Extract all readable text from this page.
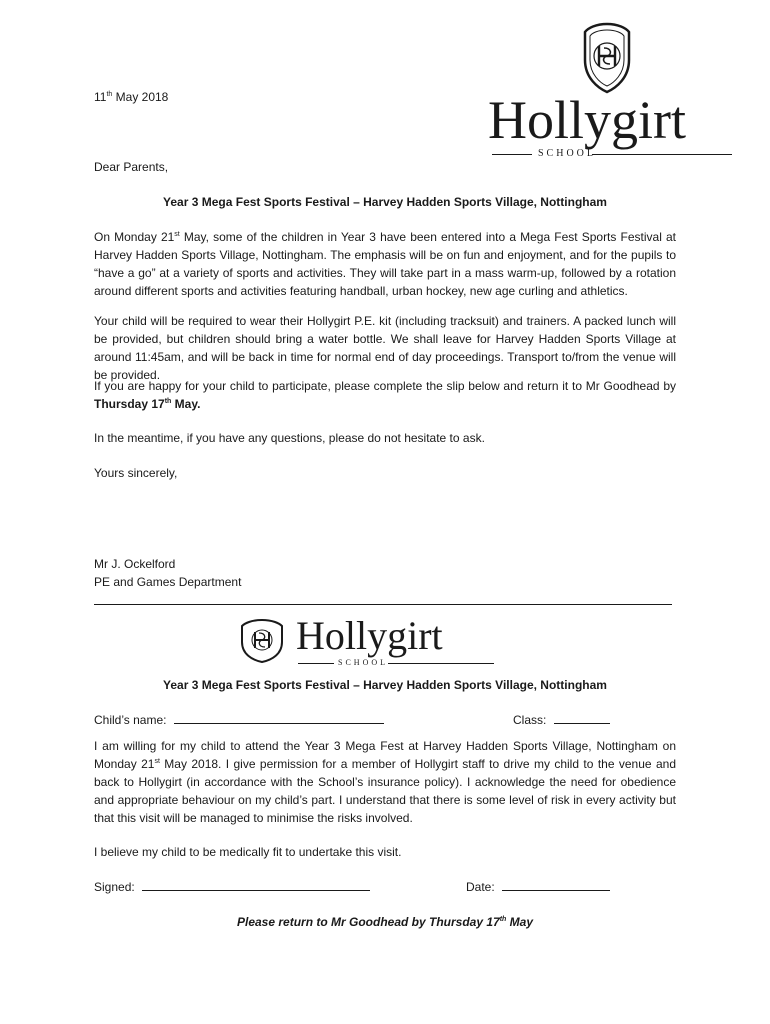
11th May 2018	Hollygirt
SCHOOL
Dear Parents,
Year 3 Mega Fest Sports Festival – Harvey Hadden Sports Village, Nottingham
On Monday 21st May, some of the children in Year 3 have been entered into a Mega Fest Sports Festival at Harvey Hadden Sports Village, Nottingham. The emphasis will be on fun and enjoyment, and for the pupils to “have a go” at a variety of sports and activities. They will take part in a mass warm-up, followed by a rotation around different sports and activities featuring handball, urban hockey, new age curling and athletics.
Your child will be required to wear their Hollygirt P.E. kit (including tracksuit) and trainers. A packed lunch will be provided, but children should bring a water bottle. We shall leave for Harvey Hadden Sports Village at around 11:45am, and will be back in time for normal end of day proceedings. Transport to/from the venue will be provided.
If you are happy for your child to participate, please complete the slip below and return it to Mr Goodhead by Thursday 17th May.
In the meantime, if you have any questions, please do not hesitate to ask.
Yours sincerely,
Mr J. Ockelford
PE and Games Department
Hollygirt
SCHOOL
Year 3 Mega Fest Sports Festival – Harvey Hadden Sports Village, Nottingham
Child’s name:	Class:
I am willing for my child to attend the Year 3 Mega Fest at Harvey Hadden Sports Village, Nottingham on Monday 21st May 2018. I give permission for a member of Hollygirt staff to drive my child to the venue and back to Hollygirt (in accordance with the School’s insurance policy). I acknowledge the need for obedience and appropriate behaviour on my child’s part. I understand that there is some level of risk in every activity but that this visit will be managed to minimise the risks involved.
I believe my child to be medically fit to undertake this visit.
Signed:	Date:
Please return to Mr Goodhead by Thursday 17th May
